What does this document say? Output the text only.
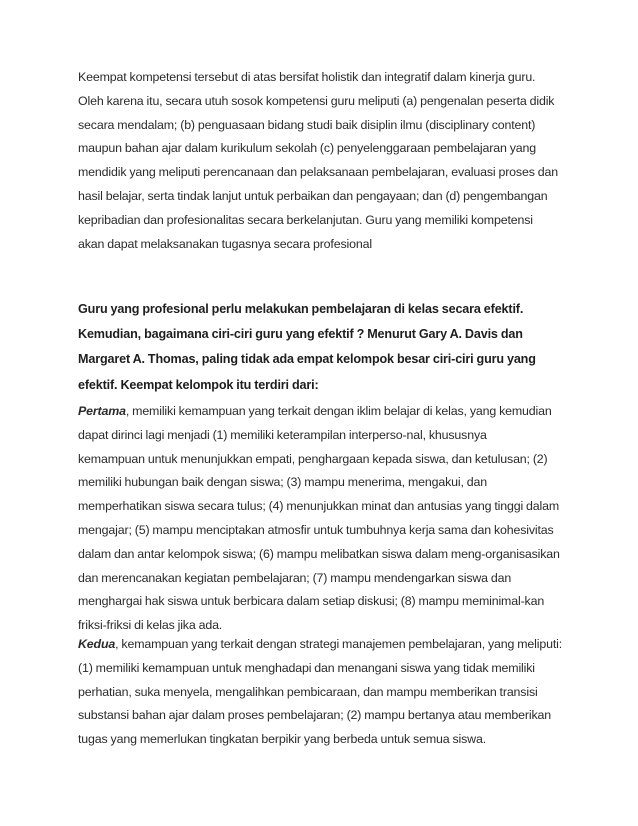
Keempat kompetensi tersebut di atas bersifat holistik dan integratif dalam kinerja guru.
Oleh karena itu, secara utuh sosok kompetensi guru meliputi (a) pengenalan peserta didik
secara mendalam; (b) penguasaan bidang studi baik disiplin ilmu (disciplinary content)
maupun bahan ajar dalam kurikulum sekolah (c) penyelenggaraan pembelajaran yang
mendidik yang meliputi perencanaan dan pelaksanaan pembelajaran, evaluasi proses dan
hasil belajar, serta tindak lanjut untuk perbaikan dan pengayaan; dan (d) pengembangan
kepribadian dan profesionalitas secara berkelanjutan. Guru yang memiliki kompetensi
akan dapat melaksanakan tugasnya secara profesional
Guru yang profesional perlu melakukan pembelajaran di kelas secara efektif.
Kemudian, bagaimana ciri-ciri guru yang efektif ? Menurut Gary A. Davis dan
Margaret A. Thomas, paling tidak ada empat kelompok besar ciri-ciri guru yang
efektif. Keempat kelompok itu terdiri dari:
Pertama, memiliki kemampuan yang terkait dengan iklim belajar di kelas, yang kemudian
dapat dirinci lagi menjadi (1) memiliki keterampilan interperso-nal, khususnya
kemampuan untuk menunjukkan empati, penghargaan kepada siswa, dan ketulusan; (2)
memiliki hubungan baik dengan siswa; (3) mampu menerima, mengakui, dan
memperhatikan siswa secara tulus; (4) menunjukkan minat dan antusias yang tinggi dalam
mengajar; (5) mampu menciptakan atmosfir untuk tumbuhnya kerja sama dan kohesivitas
dalam dan antar kelompok siswa; (6) mampu melibatkan siswa dalam meng-organisasikan
dan merencanakan kegiatan pembelajaran; (7) mampu mendengarkan siswa dan
menghargai hak siswa untuk berbicara dalam setiap diskusi; (8) mampu meminimal-kan
friksi-friksi di kelas jika ada.
Kedua, kemampuan yang terkait dengan strategi manajemen pembelajaran, yang meliputi:
(1) memiliki kemampuan untuk menghadapi dan menangani siswa yang tidak memiliki
perhatian, suka menyela, mengalihkan pembicaraan, dan mampu memberikan transisi
substansi bahan ajar dalam proses pembelajaran; (2) mampu bertanya atau memberikan
tugas yang memerlukan tingkatan berpikir yang berbeda untuk semua siswa.
